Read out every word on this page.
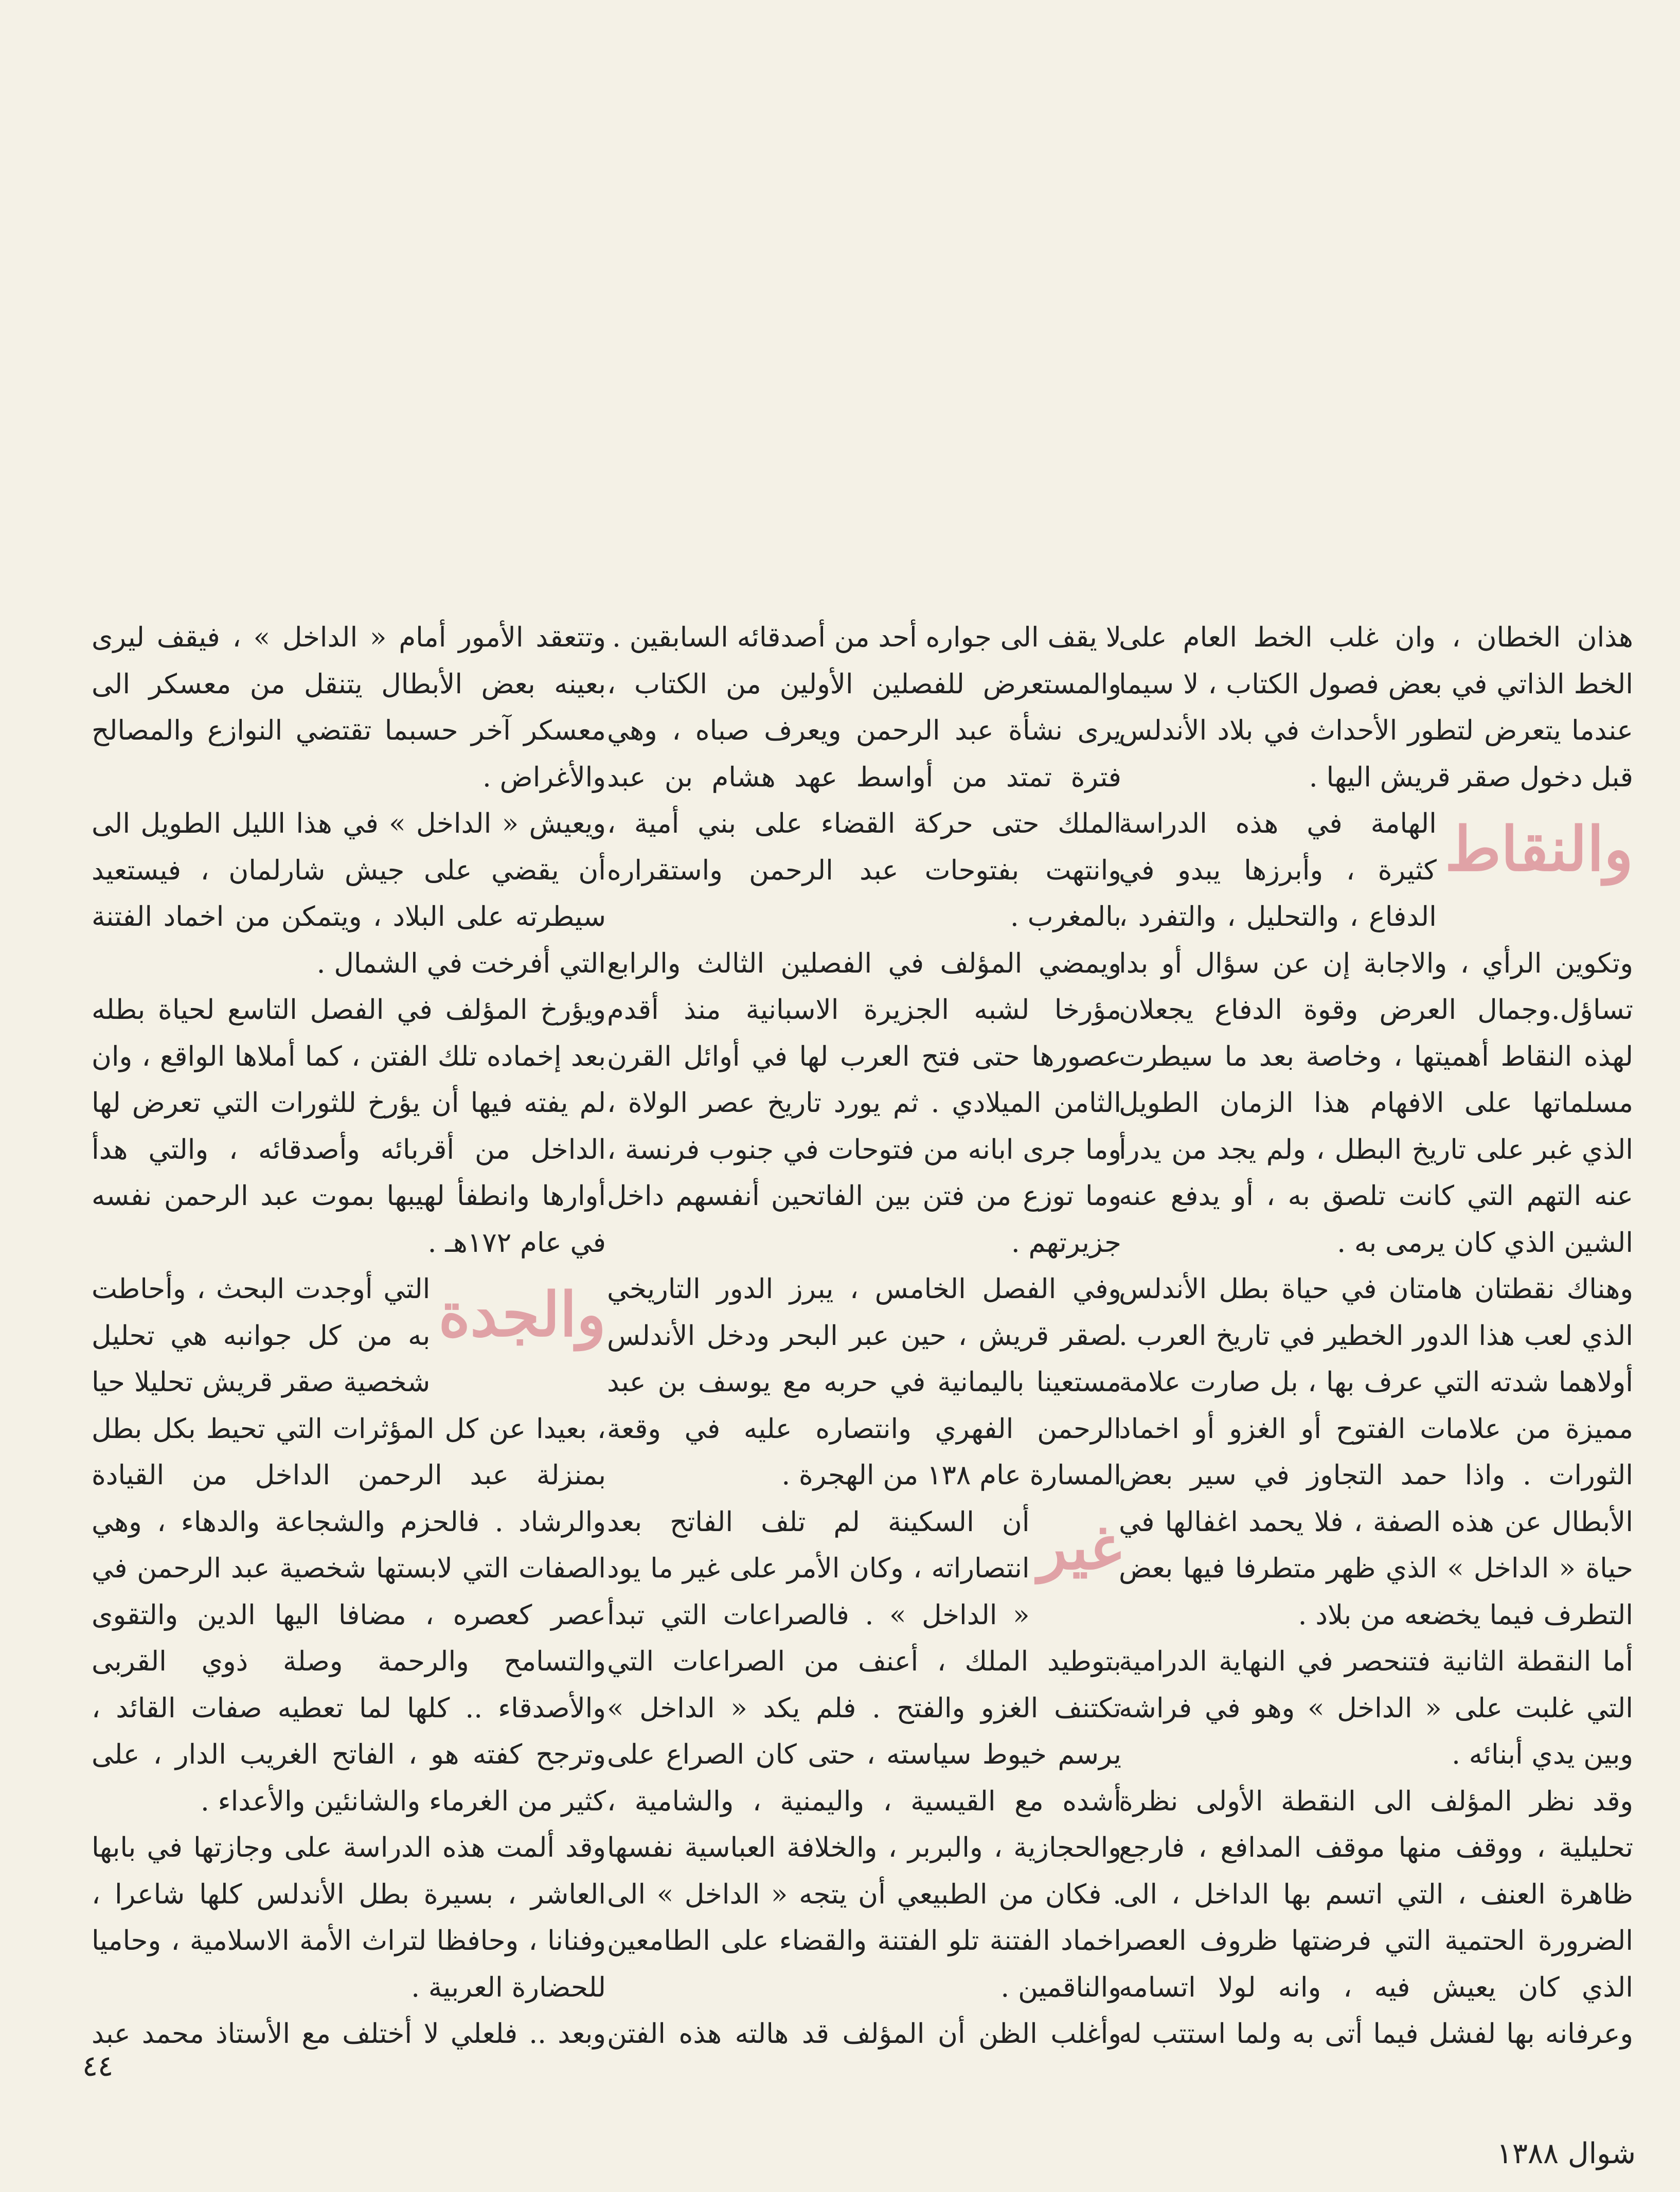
هذان الخطان ، وان غلب الخط العام على الخط الذاتي في بعض فصول الكتاب ، لا سيما عندما يتعرض لتطور الأحداث في بلاد الأندلس قبل دخول صقر قريش اليها .

والنقاط
الهامة في هذه الدراسة كثيرة ، وأبرزها يبدو في الدفاع ، والتحليل ، والتفرد ، وتكوين الرأي ، والاجابة إن عن سؤال أو بدا تساؤل.وجمال العرض وقوة الدفاع يجعلان لهذه النقاط أهميتها ، وخاصة بعد ما سيطرت مسلماتها على الافهام هذا الزمان الطويل الذي غبر على تاريخ البطل ، ولم يجد من يدرأ عنه التهم التي كانت تلصق به ، أو يدفع عنه الشين الذي كان يرمى به .

وهناك نقطتان هامتان في حياة بطل الأندلس الذي لعب هذا الدور الخطير في تاريخ العرب . أولاهما شدته التي عرف بها ، بل صارت علامة مميزة من علامات الفتوح أو الغزو أو اخماد الثورات . واذا حمد التجاوز في سير بعض الأبطال عن هذه الصفة ، فلا يحمد اغفالها في حياة « الداخل » الذي ظهر متطرفا فيها بعض التطرف فيما يخضعه من بلاد .

أما النقطة الثانية فتنحصر في النهاية الدرامية التي غلبت على « الداخل » وهو في فراشه وبين يدي أبنائه .

وقد نظر المؤلف الى النقطة الأولى نظرة تحليلية ، ووقف منها موقف المدافع ، فارجع ظاهرة العنف ، التي اتسم بها الداخل ، الى الضرورة الحتمية التي فرضتها ظروف العصر الذي كان يعيش فيه ، وانه لولا اتسامه وعرفانه بها لفشل فيما أتى به ولما استتب له

لا يقف الى جواره أحد من أصدقائه السابقين .

والمستعرض للفصلين الأولين من الكتاب ، يرى نشأة عبد الرحمن ويعرف صباه ، وهي فترة تمتد من أواسط عهد هشام بن عبد الملك حتى حركة القضاء على بني أمية ، وانتهت بفتوحات عبد الرحمن واستقراره بالمغرب .

ويمضي المؤلف في الفصلين الثالث والرابع مؤرخا لشبه الجزيرة الاسبانية منذ أقدم عصورها حتى فتح العرب لها في أوائل القرن الثامن الميلادي . ثم يورد تاريخ عصر الولاة ، وما جرى ابانه من فتوحات في جنوب فرنسة ، وما توزع من فتن بين الفاتحين أنفسهم داخل جزيرتهم .

وفي الفصل الخامس ، يبرز الدور التاريخي لصقر قريش ، حين عبر البحر ودخل الأندلس مستعينا باليمانية في حربه مع يوسف بن عبد الرحمن الفهري وانتصاره عليه في وقعة المسارة عام ١٣٨ من الهجرة .

غير
أن السكينة لم تلف الفاتح بعد انتصاراته ، وكان الأمر على غير ما يود « الداخل » . فالصراعات التي تبدأ بتوطيد الملك ، أعنف من الصراعات التي تكتنف الغزو والفتح . فلم يكد « الداخل » يرسم خيوط سياسته ، حتى كان الصراع على أشده مع القيسية ، واليمنية ، والشامية ، والحجازية ، والبربر ، والخلافة العباسية نفسها . فكان من الطبيعي أن يتجه « الداخل » الى اخماد الفتنة تلو الفتنة والقضاء على الطامعين والناقمين .

وأغلب الظن أن المؤلف قد هالته هذه الفتن

وتتعقد الأمور أمام « الداخل » ، فيقف ليرى بعينه بعض الأبطال يتنقل من معسكر الى معسكر آخر حسبما تقتضي النوازع والمصالح والأغراض .

ويعيش « الداخل » في هذا الليل الطويل الى أن يقضي على جيش شارلمان ، فيستعيد سيطرته على البلاد ، ويتمكن من اخماد الفتنة التي أفرخت في الشمال .

ويؤرخ المؤلف في الفصل التاسع لحياة بطله بعد إخماده تلك الفتن ، كما أملاها الواقع ، وان لم يفته فيها أن يؤرخ للثورات التي تعرض لها الداخل من أقربائه وأصدقائه ، والتي هدأ أوارها وانطفأ لهيبها بموت عبد الرحمن نفسه في عام ١٧٢هـ .

والجدة
التي أوجدت البحث ، وأحاطت به من كل جوانبه هي تحليل شخصية صقر قريش تحليلا حيا ، بعيدا عن كل المؤثرات التي تحيط بكل بطل بمنزلة عبد الرحمن الداخل من القيادة والرشاد . فالحزم والشجاعة والدهاء ، وهي الصفات التي لابستها شخصية عبد الرحمن في عصر كعصره ، مضافا اليها الدين والتقوى والتسامح والرحمة وصلة ذوي القربى والأصدقاء .. كلها لما تعطيه صفات القائد ، وترجح كفته هو ، الفاتح الغريب الدار ، على كثير من الغرماء والشانئين والأعداء .

وقد ألمت هذه الدراسة على وجازتها في بابها العاشر ، بسيرة بطل الأندلس كلها شاعرا ، وفنانا ، وحافظا لتراث الأمة الاسلامية ، وحاميا للحضارة العربية .

وبعد .. فلعلي لا أختلف مع الأستاذ محمد عبد

٤٤
شوال ١٣٨٨
